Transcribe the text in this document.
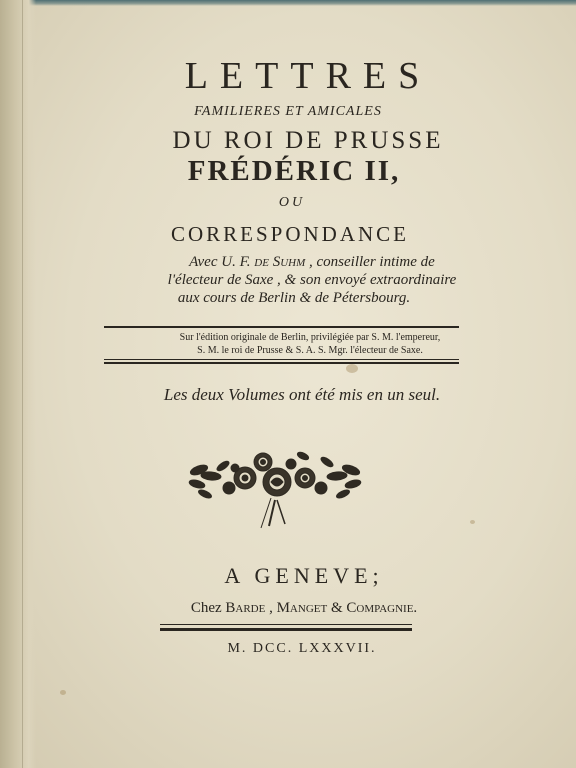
LETTRES
FAMILIERES ET AMICALES
DU ROI DE PRUSSE
FRÉDÉRIC II,
OU
CORRESPONDANCE
Avec U. F. de Suhm , conseiller intime de
l'électeur de Saxe , & son envoyé extraordinaire
aux cours de Berlin & de Pétersbourg.
Sur l'édition originale de Berlin, privilégiée par S. M. l'empereur,
S. M. le roi de Prusse & S. A. S. Mgr. l'électeur de Saxe.
Les deux Volumes ont été mis en un seul.
A GENEVE;
Chez Barde , Manget & Compagnie.
M. DCC. LXXXVII.
